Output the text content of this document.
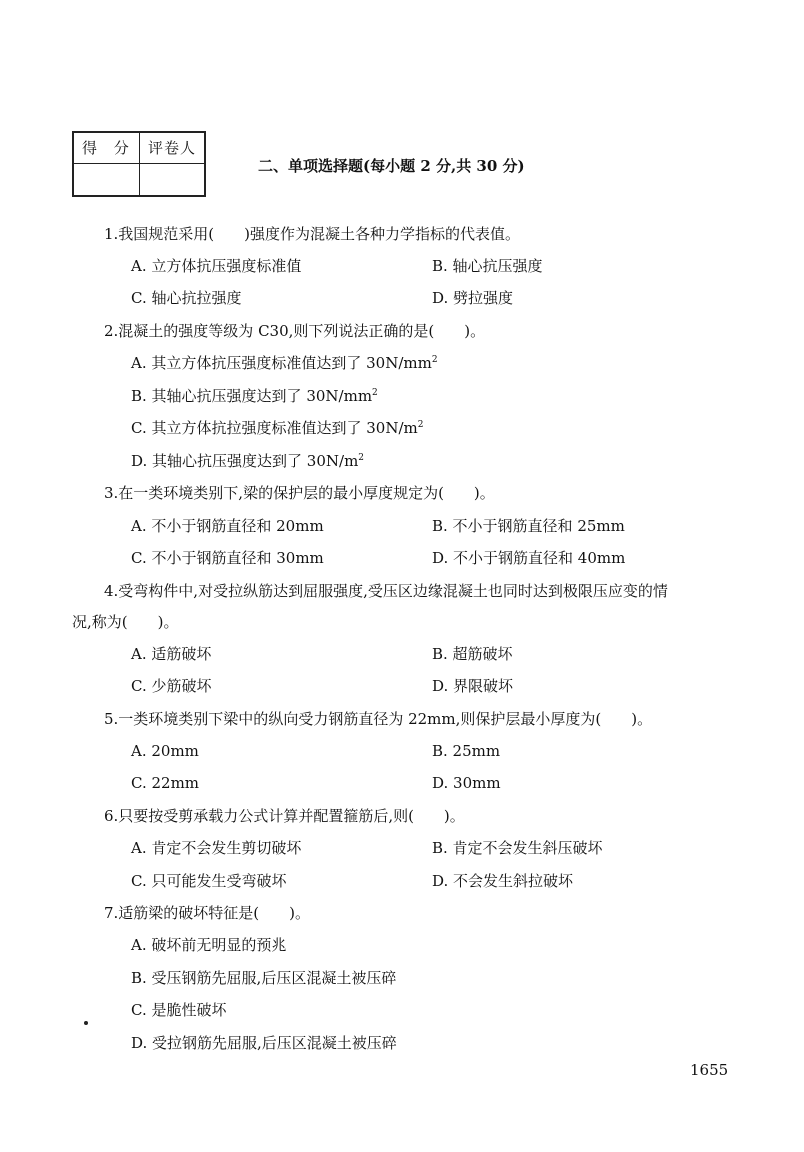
得 分 评卷人
二、单项选择题(每小题 2 分,共 30 分)
1.我国规范采用(　　)强度作为混凝土各种力学指标的代表值。
A. 立方体抗压强度标准值	B. 轴心抗压强度
C. 轴心抗拉强度	D. 劈拉强度
2.混凝土的强度等级为 C30,则下列说法正确的是(　　)。
A. 其立方体抗压强度标准值达到了 $30N/mm^2$
B. 其轴心抗压强度达到了 $30N/mm^2$
C. 其立方体抗拉强度标准值达到了 $30N/m^2$
D. 其轴心抗压强度达到了 $30N/m^2$
3.在一类环境类别下,梁的保护层的最小厚度规定为(　　)。
A. 不小于钢筋直径和 20mm	B. 不小于钢筋直径和 25mm
C. 不小于钢筋直径和 30mm	D. 不小于钢筋直径和 40mm
4.受弯构件中,对受拉纵筋达到屈服强度,受压区边缘混凝土也同时达到极限压应变的情
况,称为(　　)。
A. 适筋破坏	B. 超筋破坏
C. 少筋破坏	D. 界限破坏
5.一类环境类别下梁中的纵向受力钢筋直径为 22mm,则保护层最小厚度为(　　)。
A. 20mm	B. 25mm
C. 22mm	D. 30mm
6.只要按受剪承载力公式计算并配置箍筋后,则(　　)。
A. 肯定不会发生剪切破坏	B. 肯定不会发生斜压破坏
C. 只可能发生受弯破坏	D. 不会发生斜拉破坏
7.适筋梁的破坏特征是(　　)。
A. 破坏前无明显的预兆
B. 受压钢筋先屈服,后压区混凝土被压碎
C. 是脆性破坏
D. 受拉钢筋先屈服,后压区混凝土被压碎
1655
